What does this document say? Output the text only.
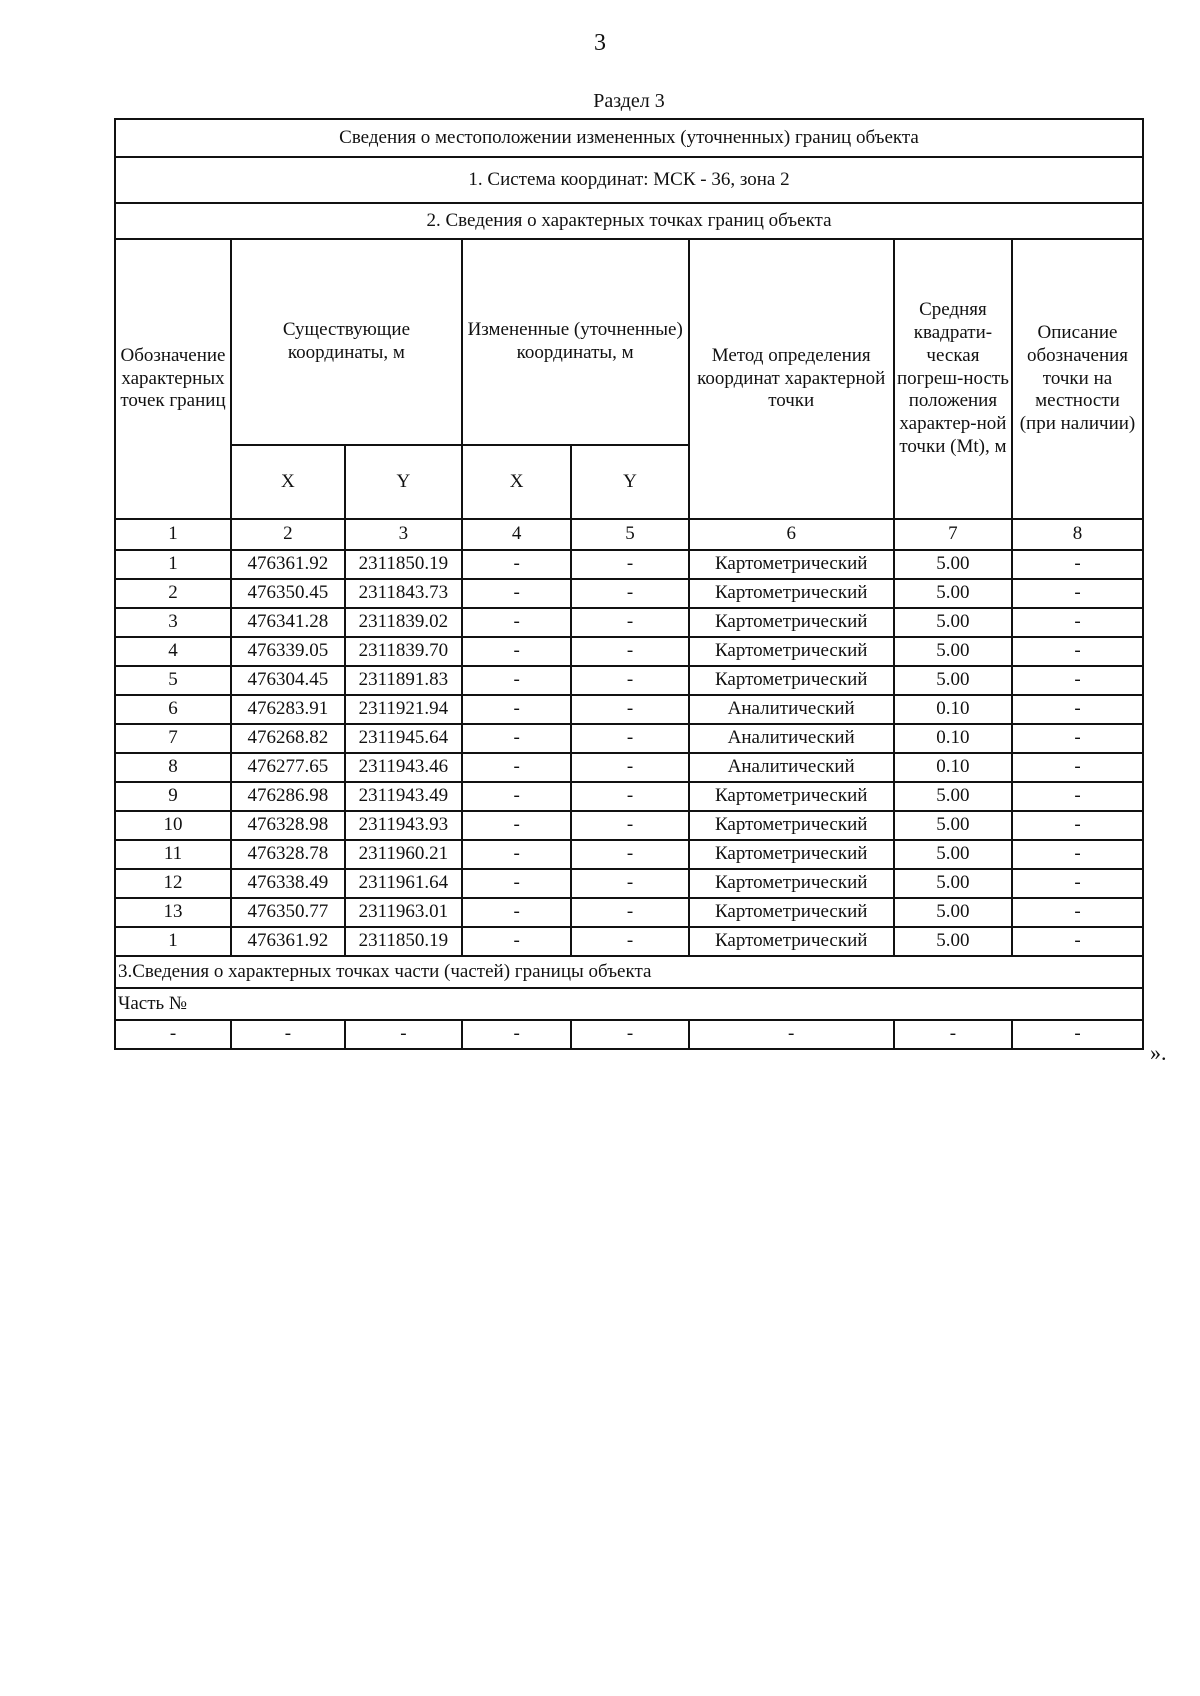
3
Раздел 3
Сведения о местоположении измененных (уточненных) границ объекта							
1. Система координат: МСК - 36, зона 2							
2. Сведения о характерных точках границ объекта							
Обозначение характерных точек границ	Существующие координаты, м		Измененные (уточненные) координаты, м		Метод определения координат характерной точки	Средняя квадрати-ческая погреш-ность положения характер-ной точки (Mt), м	Описание обозначения точки на местности (при наличии)
	X	Y	X	Y			
1	2	3	4	5	6	7	8
1	476361.92	2311850.19	-	-	Картометрический	5.00	-
2	476350.45	2311843.73	-	-	Картометрический	5.00	-
3	476341.28	2311839.02	-	-	Картометрический	5.00	-
4	476339.05	2311839.70	-	-	Картометрический	5.00	-
5	476304.45	2311891.83	-	-	Картометрический	5.00	-
6	476283.91	2311921.94	-	-	Аналитический	0.10	-
7	476268.82	2311945.64	-	-	Аналитический	0.10	-
8	476277.65	2311943.46	-	-	Аналитический	0.10	-
9	476286.98	2311943.49	-	-	Картометрический	5.00	-
10	476328.98	2311943.93	-	-	Картометрический	5.00	-
11	476328.78	2311960.21	-	-	Картометрический	5.00	-
12	476338.49	2311961.64	-	-	Картометрический	5.00	-
13	476350.77	2311963.01	-	-	Картометрический	5.00	-
1	476361.92	2311850.19	-	-	Картометрический	5.00	-
3.Сведения о характерных точках части (частей) границы объекта							
Часть №							
-	-	-	-	-	-	-	-
».
